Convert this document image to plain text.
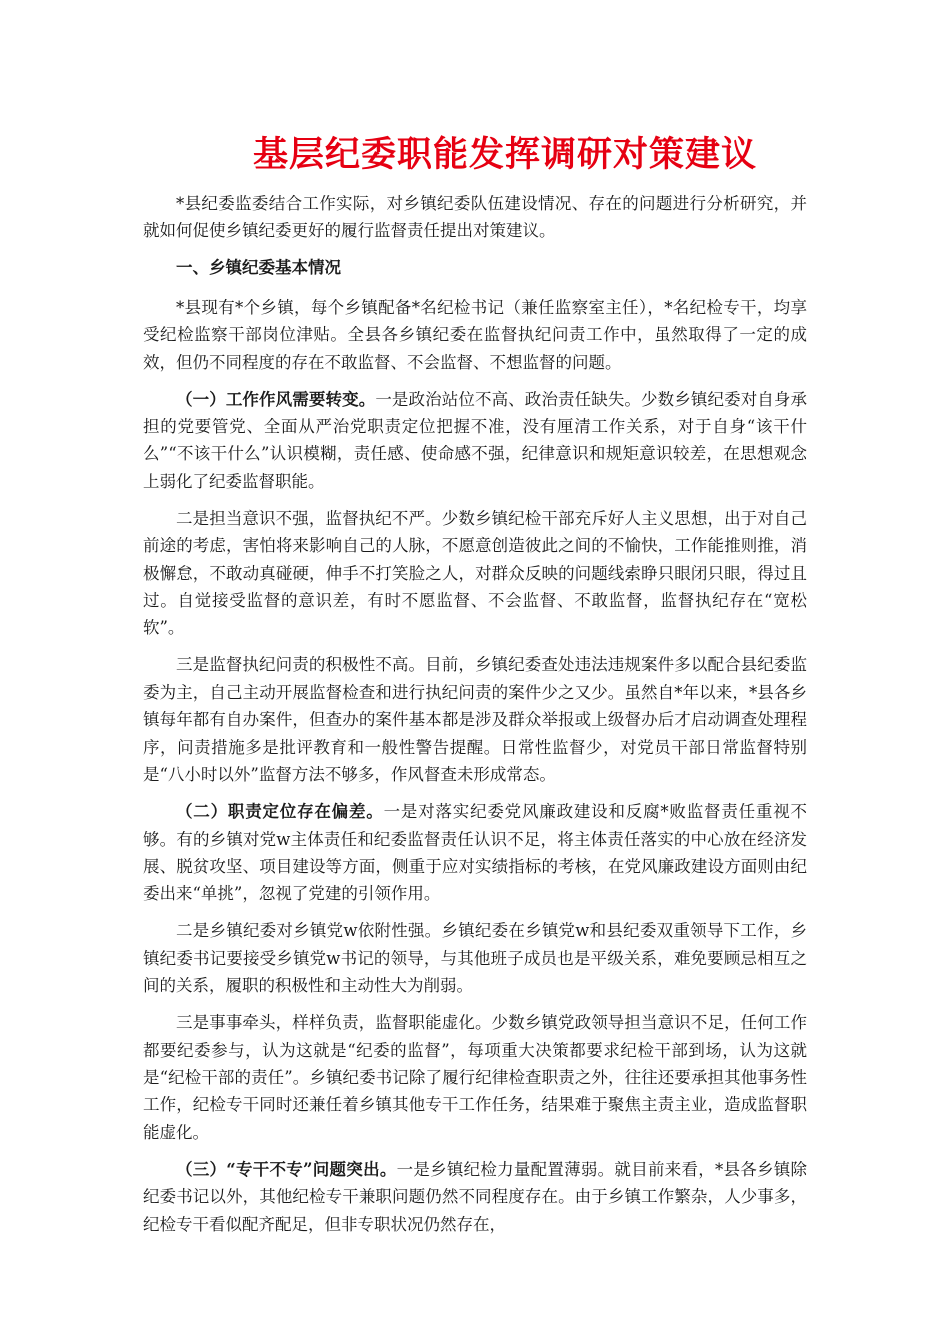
基层纪委职能发挥调研对策建议

*县纪委监委结合工作实际，对乡镇纪委队伍建设情况、存在的问题进行分析研究，并就如何促使乡镇纪委更好的履行监督责任提出对策建议。

一、乡镇纪委基本情况

*县现有*个乡镇，每个乡镇配备*名纪检书记（兼任监察室主任），*名纪检专干，均享受纪检监察干部岗位津贴。全县各乡镇纪委在监督执纪问责工作中，虽然取得了一定的成效，但仍不同程度的存在不敢监督、不会监督、不想监督的问题。

（一）工作作风需要转变。一是政治站位不高、政治责任缺失。少数乡镇纪委对自身承担的党要管党、全面从严治党职责定位把握不准，没有厘清工作关系，对于自身“该干什么”“不该干什么”认识模糊，责任感、使命感不强，纪律意识和规矩意识较差，在思想观念上弱化了纪委监督职能。

二是担当意识不强，监督执纪不严。少数乡镇纪检干部充斥好人主义思想，出于对自己前途的考虑，害怕将来影响自己的人脉，不愿意创造彼此之间的不愉快，工作能推则推，消极懈怠，不敢动真碰硬，伸手不打笑脸之人，对群众反映的问题线索睁只眼闭只眼，得过且过。自觉接受监督的意识差，有时不愿监督、不会监督、不敢监督，监督执纪存在“宽松软”。

三是监督执纪问责的积极性不高。目前，乡镇纪委查处违法违规案件多以配合县纪委监委为主，自己主动开展监督检查和进行执纪问责的案件少之又少。虽然自*年以来，*县各乡镇每年都有自办案件，但查办的案件基本都是涉及群众举报或上级督办后才启动调查处理程序，问责措施多是批评教育和一般性警告提醒。日常性监督少，对党员干部日常监督特别是“八小时以外”监督方法不够多，作风督查未形成常态。

（二）职责定位存在偏差。一是对落实纪委党风廉政建设和反腐*败监督责任重视不够。有的乡镇对党w主体责任和纪委监督责任认识不足，将主体责任落实的中心放在经济发展、脱贫攻坚、项目建设等方面，侧重于应对实绩指标的考核，在党风廉政建设方面则由纪委出来“单挑”，忽视了党建的引领作用。

二是乡镇纪委对乡镇党w依附性强。乡镇纪委在乡镇党w和县纪委双重领导下工作，乡镇纪委书记要接受乡镇党w书记的领导，与其他班子成员也是平级关系，难免要顾忌相互之间的关系，履职的积极性和主动性大为削弱。

三是事事牵头，样样负责，监督职能虚化。少数乡镇党政领导担当意识不足，任何工作都要纪委参与，认为这就是“纪委的监督”，每项重大决策都要求纪检干部到场，认为这就是“纪检干部的责任”。乡镇纪委书记除了履行纪律检查职责之外，往往还要承担其他事务性工作，纪检专干同时还兼任着乡镇其他专干工作任务，结果难于聚焦主责主业，造成监督职能虚化。

（三）“专干不专”问题突出。一是乡镇纪检力量配置薄弱。就目前来看，*县各乡镇除纪委书记以外，其他纪检专干兼职问题仍然不同程度存在。由于乡镇工作繁杂，人少事多，纪检专干看似配齐配足，但非专职状况仍然存在，
